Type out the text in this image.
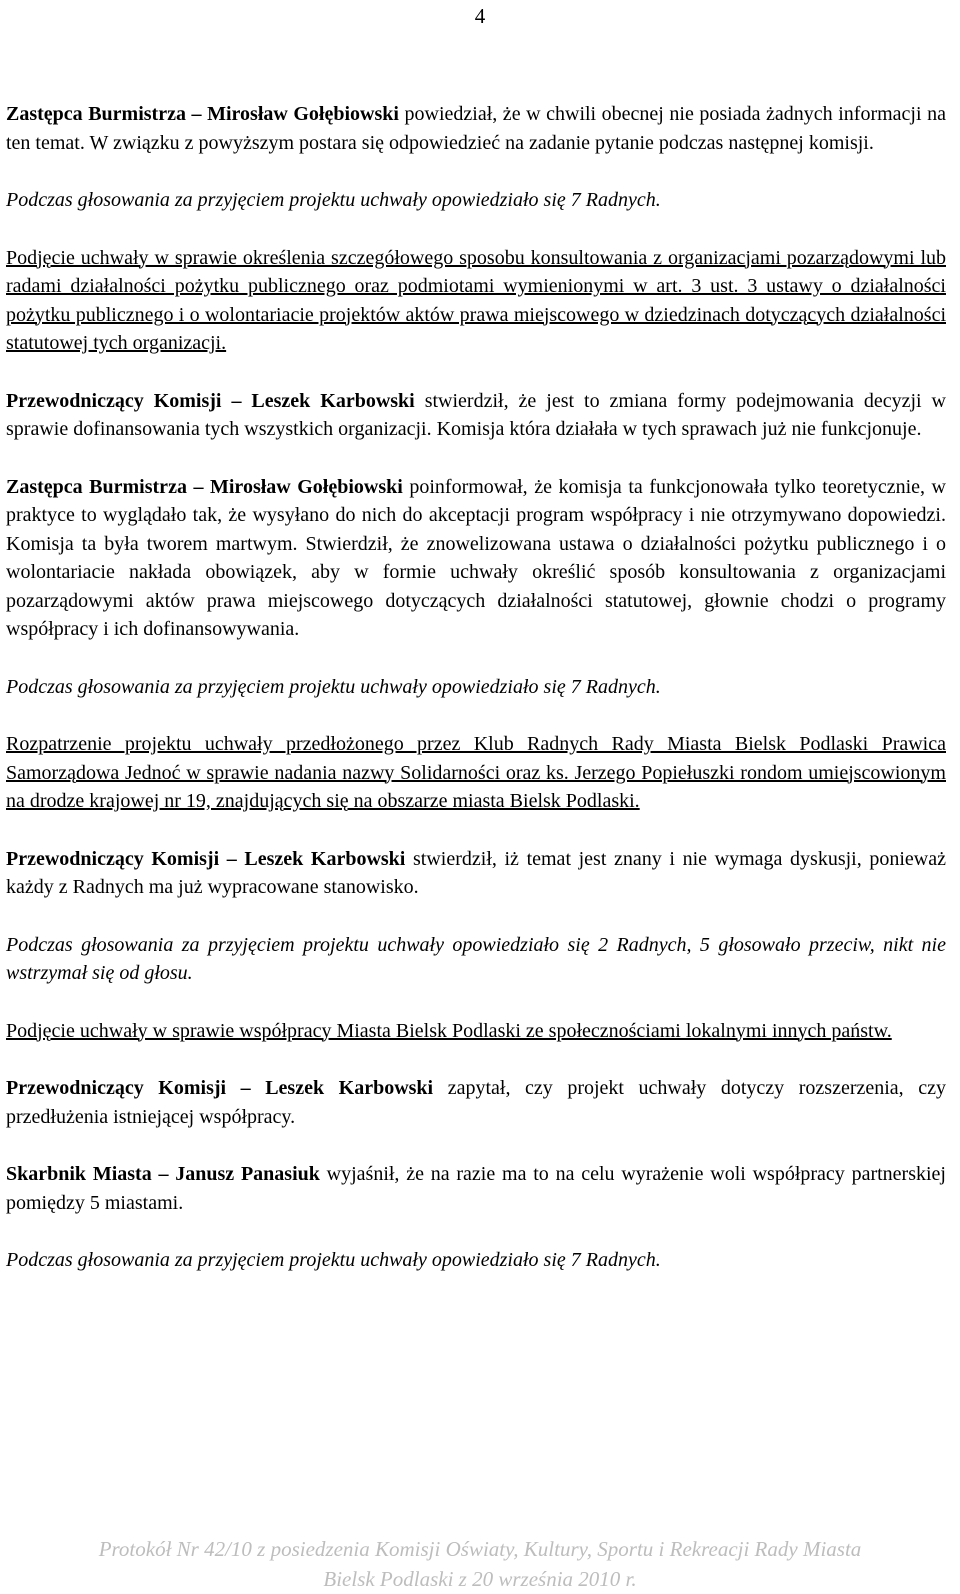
4

Zastępca Burmistrza – Mirosław Gołębiowski powiedział, że w chwili obecnej nie posiada żadnych informacji na ten temat. W związku z powyższym postara się odpowiedzieć na zadanie pytanie podczas następnej komisji.

Podczas głosowania za przyjęciem projektu uchwały opowiedziało się 7 Radnych.

Podjęcie uchwały w sprawie określenia szczegółowego sposobu konsultowania z organizacjami pozarządowymi lub radami działalności pożytku publicznego oraz podmiotami wymienionymi w art. 3 ust. 3 ustawy o działalności pożytku publicznego i o wolontariacie projektów aktów prawa miejscowego w dziedzinach dotyczących działalności statutowej tych organizacji.

Przewodniczący Komisji – Leszek Karbowski stwierdził, że jest to zmiana formy podejmowania decyzji w sprawie dofinansowania tych wszystkich organizacji. Komisja która działała w tych sprawach już nie funkcjonuje.

Zastępca Burmistrza – Mirosław Gołębiowski poinformował, że komisja ta funkcjonowała tylko teoretycznie, w praktyce to wyglądało tak, że wysyłano do nich do akceptacji program współpracy i nie otrzymywano dopowiedzi. Komisja ta była tworem martwym. Stwierdził, że znowelizowana ustawa o działalności pożytku publicznego i o wolontariacie nakłada obowiązek, aby w formie uchwały określić sposób konsultowania z organizacjami pozarządowymi aktów prawa miejscowego dotyczących działalności statutowej, głownie chodzi o programy współpracy i ich dofinansowywania.

Podczas głosowania za przyjęciem projektu uchwały opowiedziało się 7 Radnych.

Rozpatrzenie projektu uchwały przedłożonego przez Klub Radnych Rady Miasta Bielsk Podlaski Prawica Samorządowa Jednoć w sprawie nadania nazwy Solidarności oraz ks. Jerzego Popiełuszki rondom umiejscowionym na drodze krajowej nr 19, znajdujących się na obszarze miasta Bielsk Podlaski.

Przewodniczący Komisji – Leszek Karbowski stwierdził, iż temat jest znany i nie wymaga dyskusji, ponieważ każdy z Radnych ma już wypracowane stanowisko.

Podczas głosowania za przyjęciem projektu uchwały opowiedziało się 2 Radnych, 5 głosowało przeciw, nikt nie wstrzymał się od głosu.

Podjęcie uchwały w sprawie współpracy Miasta Bielsk Podlaski ze społecznościami lokalnymi innych państw.

Przewodniczący Komisji – Leszek Karbowski zapytał, czy projekt uchwały dotyczy rozszerzenia, czy przedłużenia istniejącej współpracy.

Skarbnik Miasta – Janusz Panasiuk wyjaśnił, że na razie ma to na celu wyrażenie woli współpracy partnerskiej pomiędzy 5 miastami.

Podczas głosowania za przyjęciem projektu uchwały opowiedziało się 7 Radnych.

Protokół Nr 42/10 z posiedzenia Komisji Oświaty, Kultury, Sportu i Rekreacji Rady Miasta
Bielsk Podlaski z 20 września 2010 r.
